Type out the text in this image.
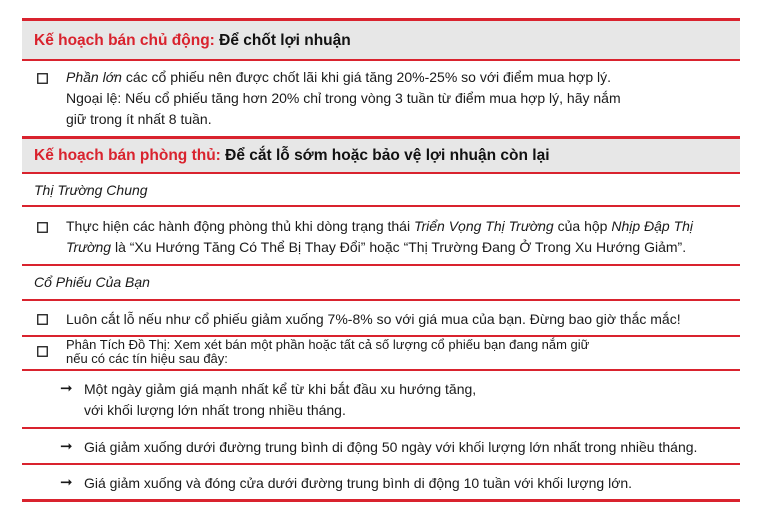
Kế hoạch bán chủ động: Để chốt lợi nhuận
Phần lớn các cổ phiếu nên được chốt lãi khi giá tăng 20%-25% so với điểm mua hợp lý.
Ngoại lệ: Nếu cổ phiếu tăng hơn 20% chỉ trong vòng 3 tuần từ điểm mua hợp lý, hãy nắm
giữ trong ít nhất 8 tuần.
Kế hoạch bán phòng thủ: Để cắt lỗ sớm hoặc bảo vệ lợi nhuận còn lại
Thị Trường Chung
Thực hiện các hành động phòng thủ khi dòng trạng thái Triển Vọng Thị Trường của hộp Nhịp Đập Thị
Trường là “Xu Hướng Tăng Có Thể Bị Thay Đổi” hoặc “Thị Trường Đang Ở Trong Xu Hướng Giảm”.
Cổ Phiếu Của Bạn
Luôn cắt lỗ nếu như cổ phiếu giảm xuống 7%-8% so với giá mua của bạn. Đừng bao giờ thắc mắc!
Phân Tích Đồ Thị: Xem xét bán một phần hoặc tất cả số lượng cổ phiếu bạn đang nắm giữ
nếu có các tín hiệu sau đây:
➞ Một ngày giảm giá mạnh nhất kể từ khi bắt đầu xu hướng tăng,
với khối lượng lớn nhất trong nhiều tháng.
➞ Giá giảm xuống dưới đường trung bình di động 50 ngày với khối lượng lớn nhất trong nhiều tháng.
➞ Giá giảm xuống và đóng cửa dưới đường trung bình di động 10 tuần với khối lượng lớn.
